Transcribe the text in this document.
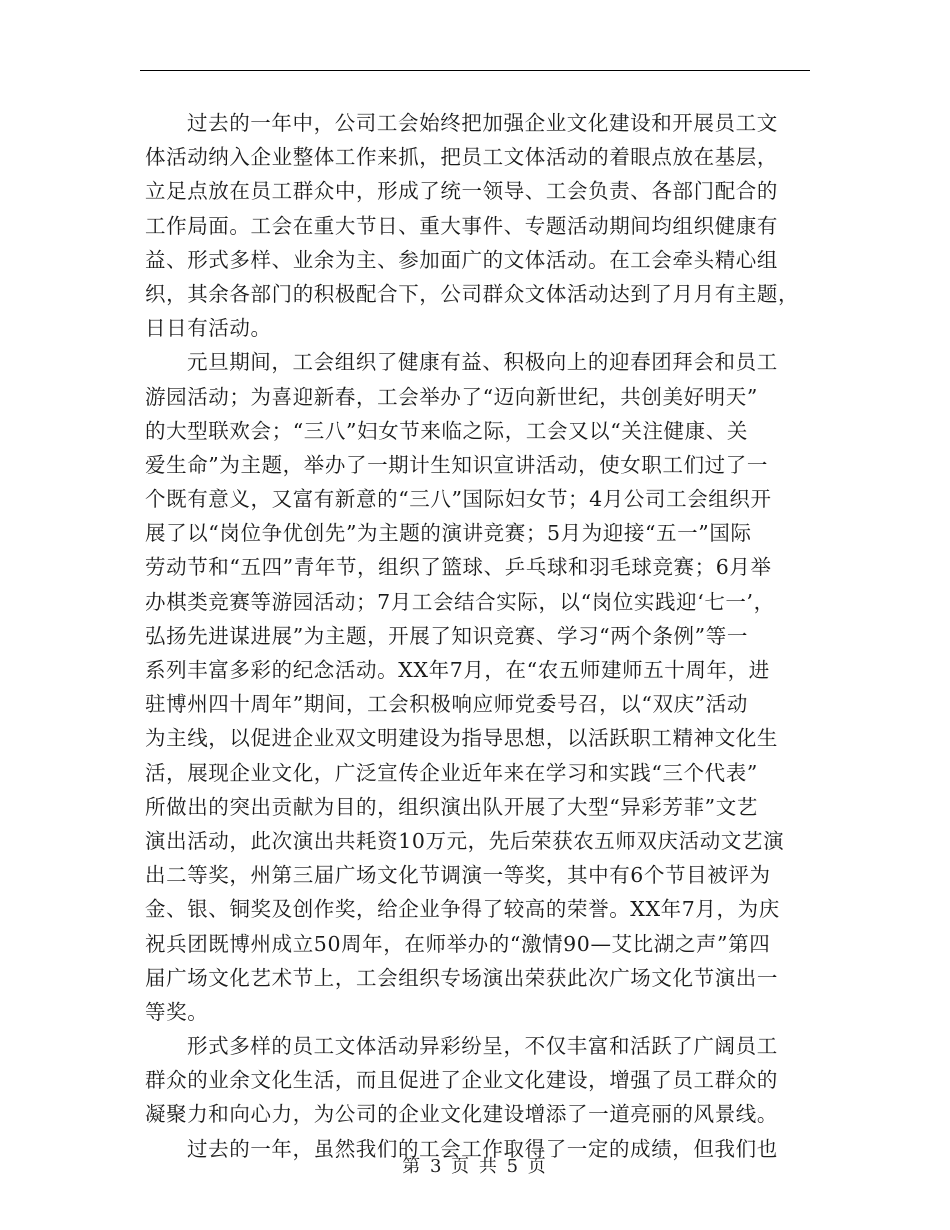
过去的一年中，公司工会始终把加强企业文化建设和开展员工文
体活动纳入企业整体工作来抓，把员工文体活动的着眼点放在基层，
立足点放在员工群众中，形成了统一领导、工会负责、各部门配合的
工作局面。工会在重大节日、重大事件、专题活动期间均组织健康有
益、形式多样、业余为主、参加面广的文体活动。在工会牵头精心组
织，其余各部门的积极配合下，公司群众文体活动达到了月月有主题，
日日有活动。
元旦期间，工会组织了健康有益、积极向上的迎春团拜会和员工
游园活动；为喜迎新春，工会举办了“迈向新世纪，共创美好明天”
的大型联欢会；“三八”妇女节来临之际，工会又以“关注健康、关
爱生命”为主题，举办了一期计生知识宣讲活动，使女职工们过了一
个既有意义，又富有新意的“三八”国际妇女节；4月公司工会组织开
展了以“岗位争优创先”为主题的演讲竞赛；5月为迎接“五一”国际
劳动节和“五四”青年节，组织了篮球、乒乓球和羽毛球竞赛；6月举
办棋类竞赛等游园活动；7月工会结合实际，以“岗位实践迎‘七一’，
弘扬先进谋进展”为主题，开展了知识竞赛、学习“两个条例”等一
系列丰富多彩的纪念活动。XX年7月，在“农五师建师五十周年，进
驻博州四十周年”期间，工会积极响应师党委号召，以“双庆”活动
为主线，以促进企业双文明建设为指导思想，以活跃职工精神文化生
活，展现企业文化，广泛宣传企业近年来在学习和实践“三个代表”
所做出的突出贡献为目的，组织演出队开展了大型“异彩芳菲”文艺
演出活动，此次演出共耗资10万元，先后荣获农五师双庆活动文艺演
出二等奖，州第三届广场文化节调演一等奖，其中有6个节目被评为
金、银、铜奖及创作奖，给企业争得了较高的荣誉。XX年7月，为庆
祝兵团既博州成立50周年，在师举办的“激情90—艾比湖之声”第四
届广场文化艺术节上，工会组织专场演出荣获此次广场文化节演出一
等奖。
形式多样的员工文体活动异彩纷呈，不仅丰富和活跃了广阔员工
群众的业余文化生活，而且促进了企业文化建设，增强了员工群众的
凝聚力和向心力，为公司的企业文化建设增添了一道亮丽的风景线。
过去的一年，虽然我们的工会工作取得了一定的成绩，但我们也
第 3 页 共 5 页
